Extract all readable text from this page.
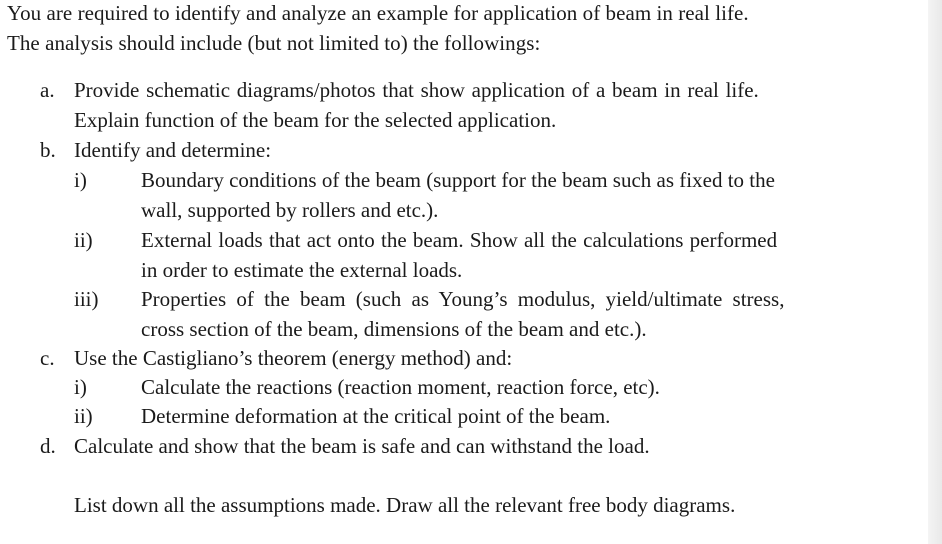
You are required to identify and analyze an example for application of beam in real life.
The analysis should include (but not limited to) the followings:
a. Provide schematic diagrams/photos that show application of a beam in real life.
Explain function of the beam for the selected application.
b. Identify and determine:
i)	Boundary conditions of the beam (support for the beam such as fixed to the
wall, supported by rollers and etc.).
ii) External loads that act onto the beam. Show all the calculations performed
in order to estimate the external loads.
iii) Properties of the beam (such as Young’s modulus, yield/ultimate stress,
cross section of the beam, dimensions of the beam and etc.).
c. Use the Castigliano’s theorem (energy method) and:
i)	Calculate the reactions (reaction moment, reaction force, etc).
ii) Determine deformation at the critical point of the beam.
d. Calculate and show that the beam is safe and can withstand the load.
List down all the assumptions made. Draw all the relevant free body diagrams.
